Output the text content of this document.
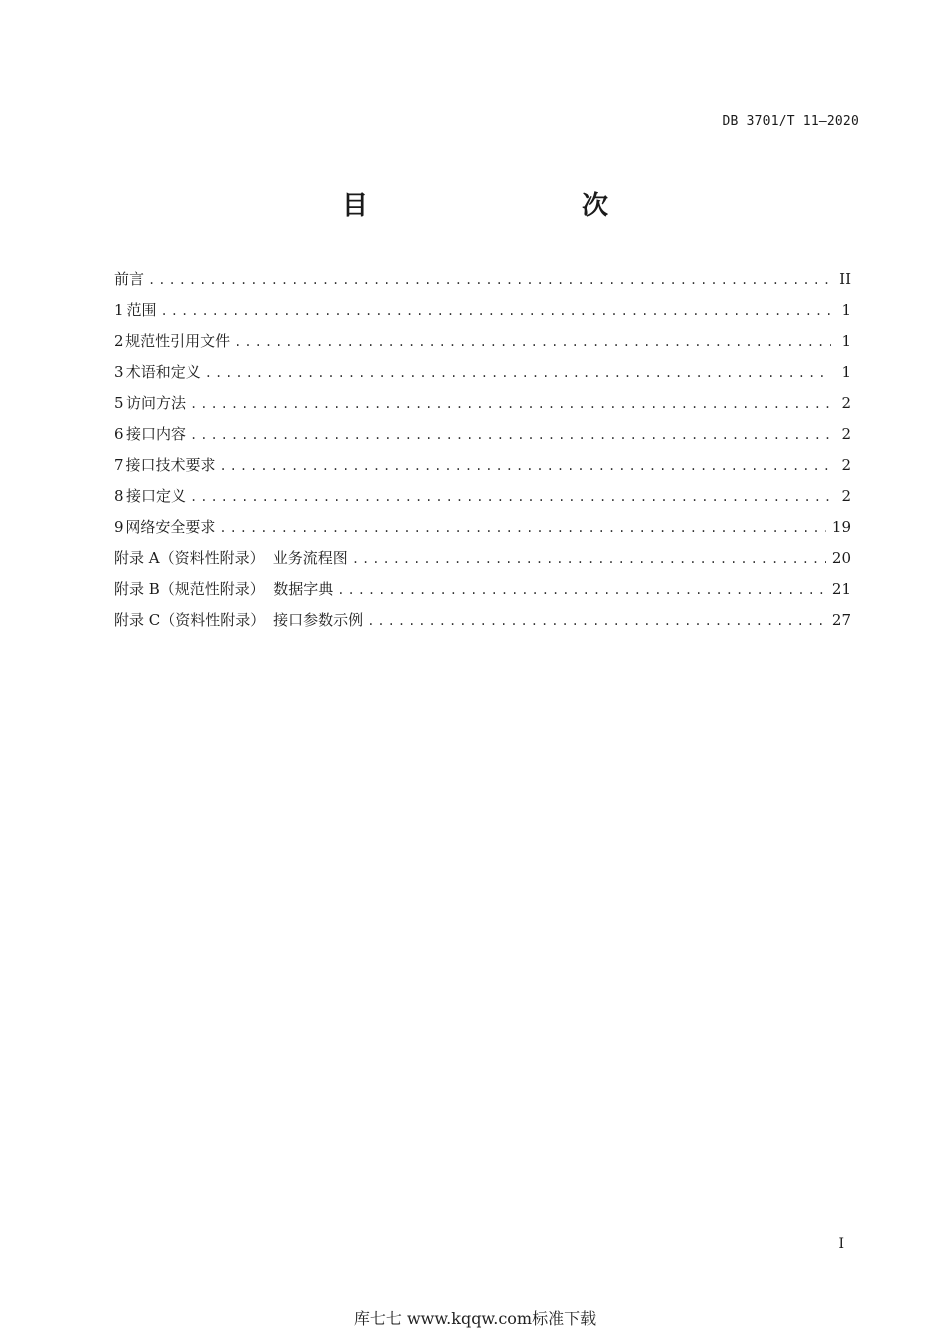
DB 3701/T 11—2020
目　　次
前言 .....	II
1 范围 .....	1
2 规范性引用文件 .....	1
3 术语和定义 .....	1
5 访问方法 .....	2
6 接口内容 .....	2
7 接口技术要求 .....	2
8 接口定义 .....	2
9 网络安全要求 .....	19
附录 A（资料性附录） 业务流程图 .....	20
附录 B（规范性附录） 数据字典 .....	21
附录 C（资料性附录） 接口参数示例 .....	27
I
库七七 www.kqqw.com标准下载
